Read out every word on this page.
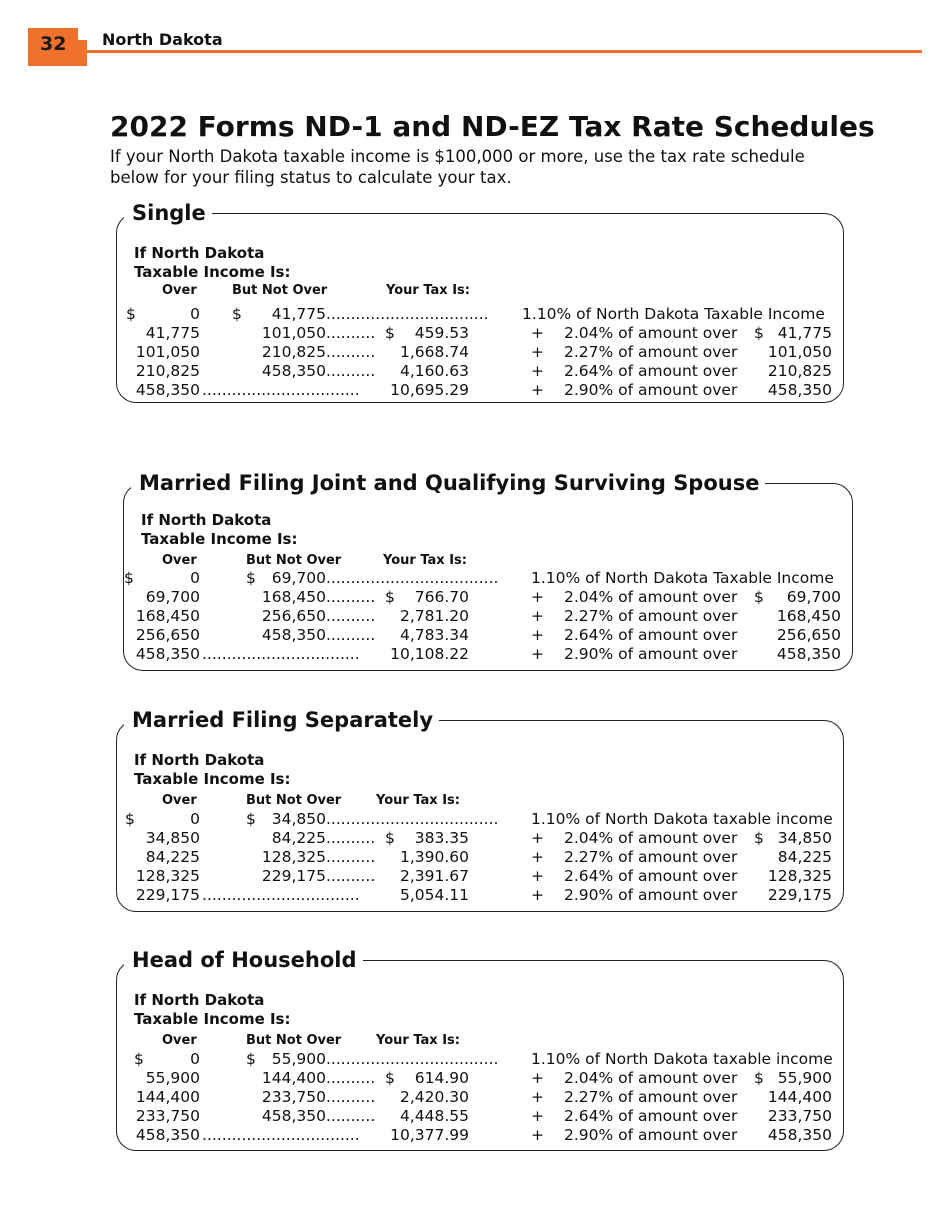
32 North Dakota
2022 Forms ND-1 and ND-EZ Tax Rate Schedules
If your North Dakota taxable income is $100,000 or more, use the tax rate schedule below for your filing status to calculate your tax.
Single
If North Dakota
Taxable Income Is:
Over	But Not Over	Your Tax Is:
$	0 $ 41,775 ................................. 1.10% of North Dakota Taxable Income
41,775	101,050 .......... $ 459.53	+ 2.04% of amount over $ 41,775
101,050	210,825 .......... 1,668.74	+ 2.27% of amount over 101,050
210,825	458,350 .......... 4,160.63	+ 2.64% of amount over 210,825
458,350 ................................ 10,695.29	+ 2.90% of amount over 458,350
Married Filing Joint and Qualifying Surviving Spouse
If North Dakota
Taxable Income Is:
Over	But Not Over	Your Tax Is:
$	0	$ 69,700 ................................... 1.10% of North Dakota Taxable Income
69,700	168,450 .......... $ 766.70	+ 2.04% of amount over $ 69,700
168,450	256,650 .......... 2,781.20	+ 2.27% of amount over	168,450
256,650	458,350 .......... 4,783.34	+ 2.64% of amount over	256,650
458,350 ................................ 10,108.22	+ 2.90% of amount over	458,350
Married Filing Separately
If North Dakota
Taxable Income Is:
Over	But Not Over	Your Tax Is:
$	0	$ 34,850 ................................... 1.10% of North Dakota taxable income
34,850	84,225 .......... $ 383.35	+ 2.04% of amount over $ 34,850
84,225	128,325 .......... 1,390.60	+ 2.27% of amount over	84,225
128,325	229,175 .......... 2,391.67	+ 2.64% of amount over 128,325
229,175 ................................	5,054.11	+ 2.90% of amount over 229,175
Head of Household
If North Dakota
Taxable Income Is:
Over	But Not Over	Your Tax Is:
$	0	$ 55,900 ................................... 1.10% of North Dakota taxable income
55,900	144,400 .......... $ 614.90	+ 2.04% of amount over $ 55,900
144,400	233,750 .......... 2,420.30	+ 2.27% of amount over 144,400
233,750	458,350 .......... 4,448.55	+ 2.64% of amount over 233,750
458,350 ................................ 10,377.99	+ 2.90% of amount over 458,350
